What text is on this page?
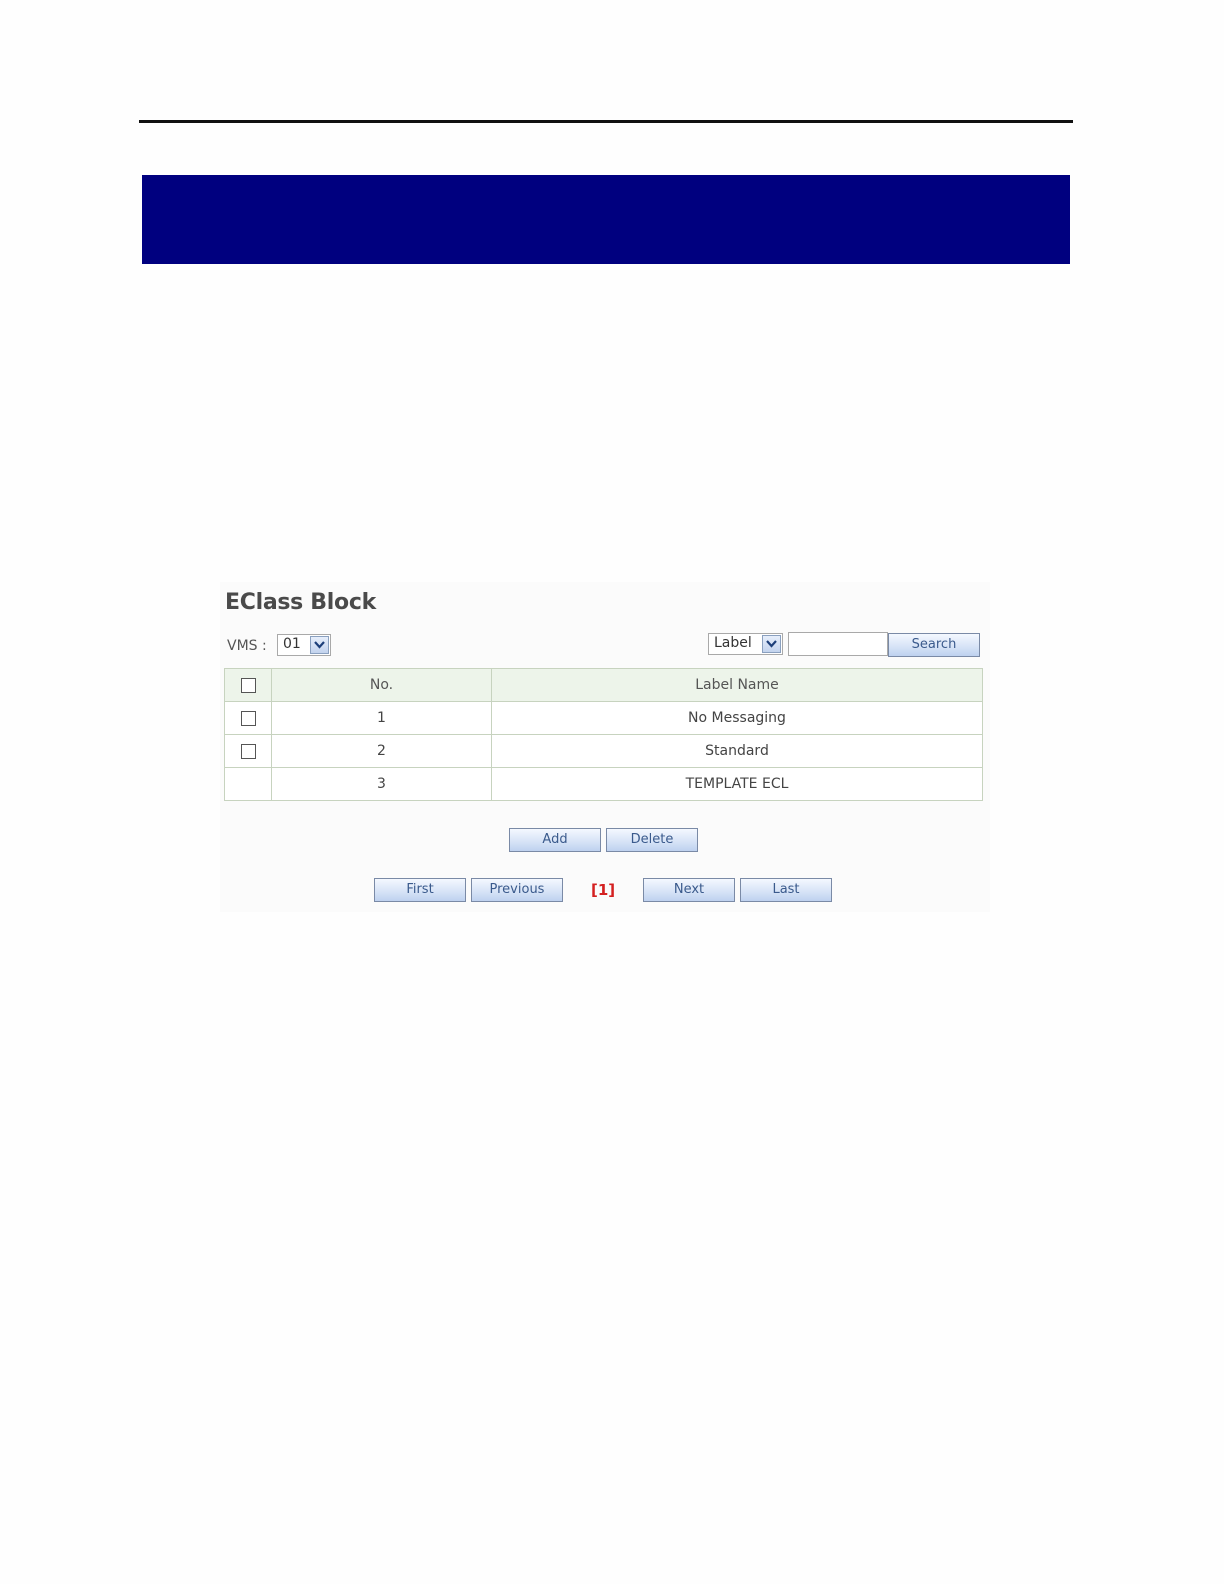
EClass Block
VMS : 01	Label	Search
	No.	Label Name
	1	No Messaging
	2	Standard
	3	TEMPLATE ECL
Add	Delete
First	Previous	[1]	Next	Last
